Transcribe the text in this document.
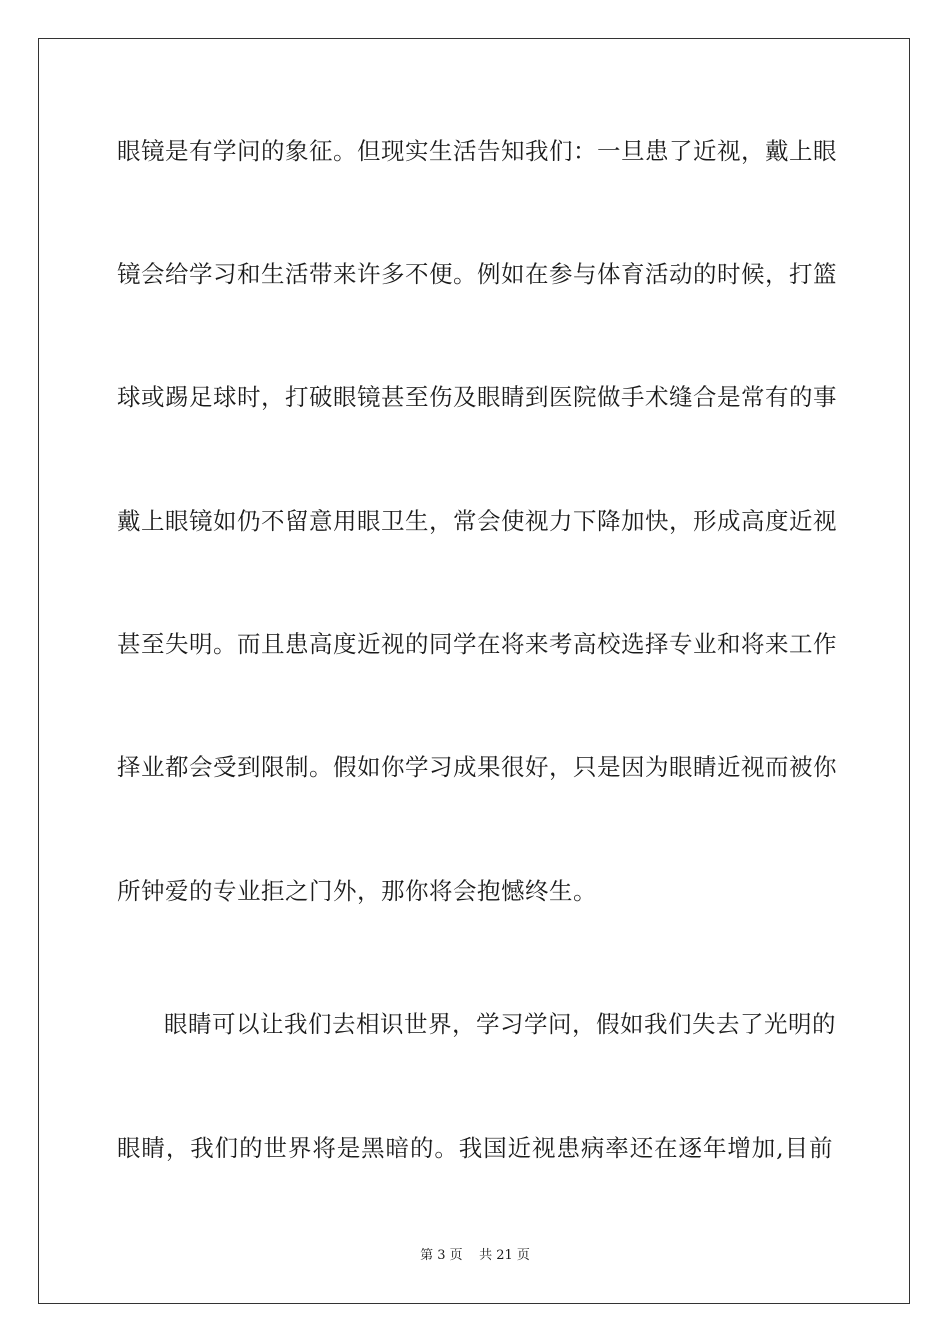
眼镜是有学问的象征。但现实生活告知我们：一旦患了近视，戴上眼
镜会给学习和生活带来许多不便。例如在参与体育活动的时候，打篮
球或踢足球时，打破眼镜甚至伤及眼睛到医院做手术缝合是常有的事
戴上眼镜如仍不留意用眼卫生，常会使视力下降加快，形成高度近视
甚至失明。而且患高度近视的同学在将来考高校选择专业和将来工作
择业都会受到限制。假如你学习成果很好，只是因为眼睛近视而被你
所钟爱的专业拒之门外，那你将会抱憾终生。
眼睛可以让我们去相识世界，学习学问，假如我们失去了光明的
眼睛，我们的世界将是黑暗的。我国近视患病率还在逐年增加,目前
第 3 页    共 21 页
